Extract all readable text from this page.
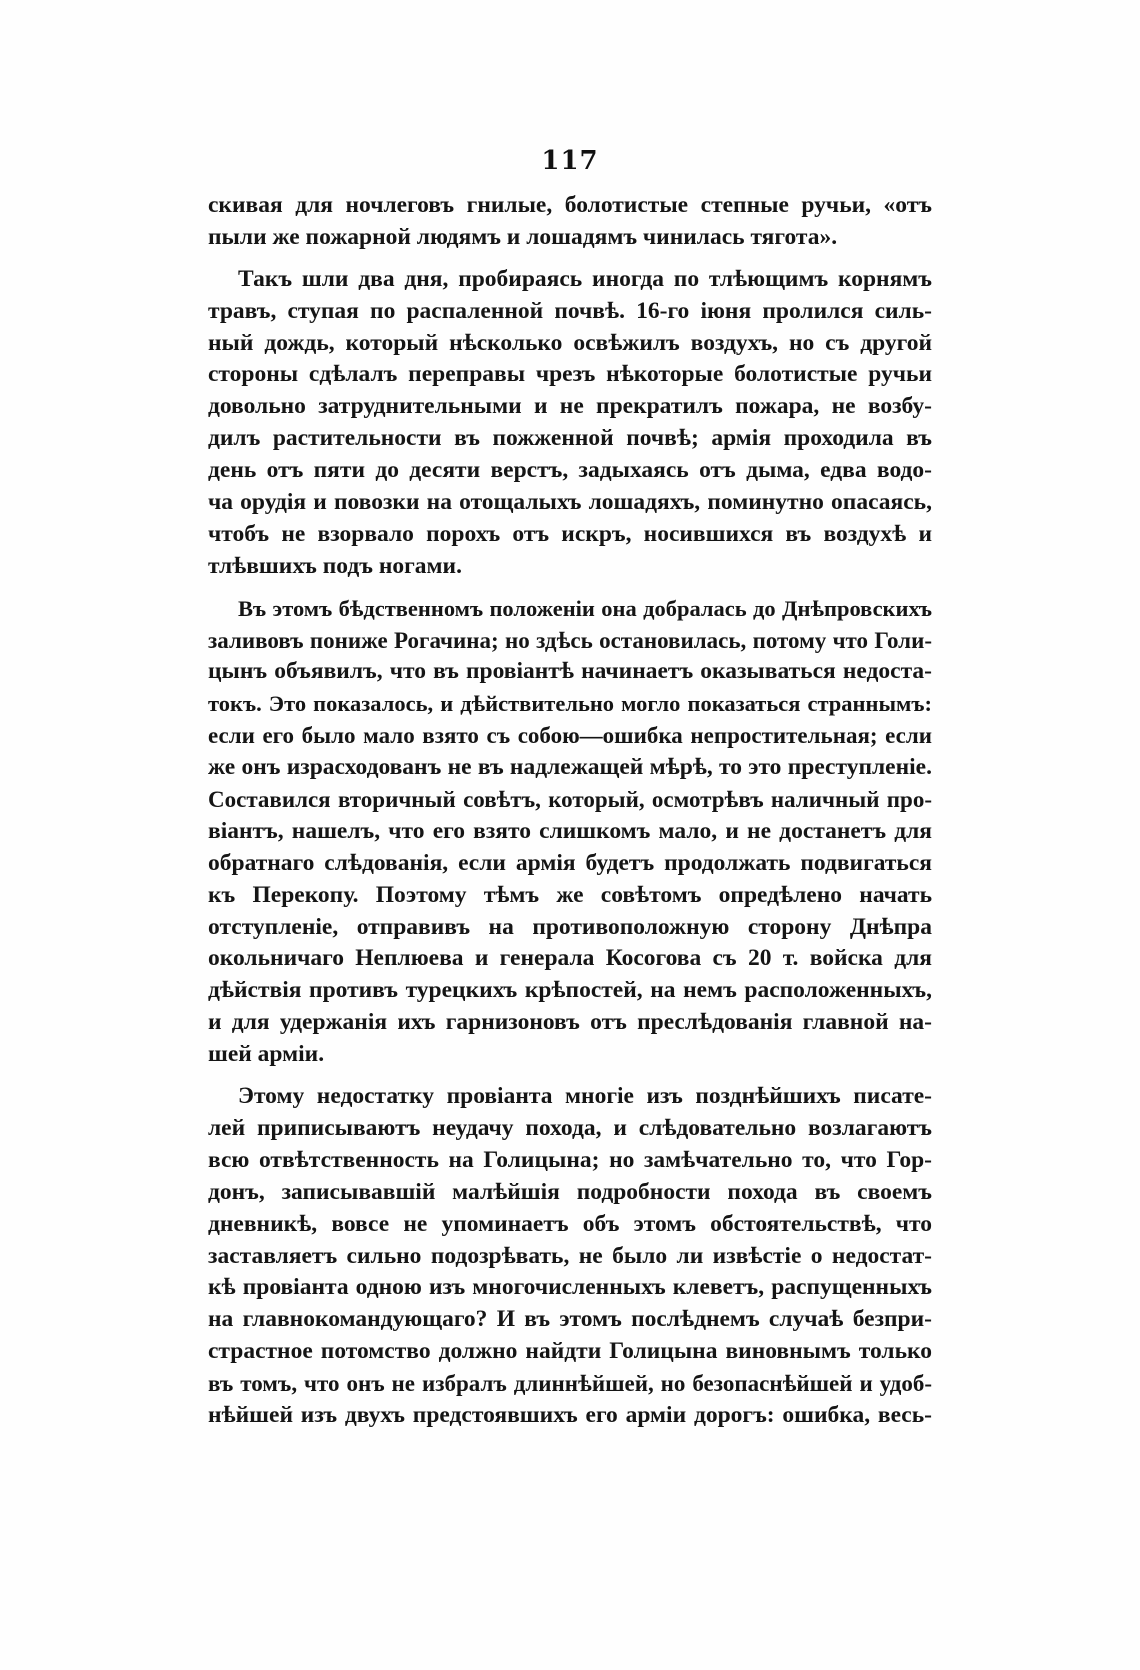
117
скивая для ночлеговъ гнилые, болотистые степные ручьи, «отъ
пыли же пожарной людямъ и лошадямъ чинилась тягота».
Такъ шли два дня, пробираясь иногда по тлѣющимъ корнямъ
травъ, ступая по распаленной почвѣ. 16-го іюня пролился силь-
ный дождь, который нѣсколько освѣжилъ воздухъ, но съ другой
стороны сдѣлалъ переправы чрезъ нѣкоторые болотистые ручьи
довольно затруднительными и не прекратилъ пожара, не возбу-
дилъ растительности въ пожженной почвѣ; армія проходила въ
день отъ пяти до десяти верстъ, задыхаясь отъ дыма, едва водо-
ча орудія и повозки на отощалыхъ лошадяхъ, поминутно опасаясь,
чтобъ не взорвало порохъ отъ искръ, носившихся въ воздухѣ и
тлѣвшихъ подъ ногами.
Въ этомъ бѣдственномъ положеніи она добралась до Днѣпровскихъ
заливовъ пониже Рогачина; но здѣсь остановилась, потому что Голи-
цынъ объявилъ, что въ провіантѣ начинаетъ оказываться недоста-
токъ. Это показалось, и дѣйствительно могло показаться страннымъ:
если его было мало взято съ собою—ошибка непростительная; если
же онъ израсходованъ не въ надлежащей мѣрѣ, то это преступленіе.
Составился вторичный совѣтъ, который, осмотрѣвъ наличный про-
віантъ, нашелъ, что его взято слишкомъ мало, и не достанетъ для
обратнаго слѣдованія, если армія будетъ продолжать подвигаться
къ Перекопу. Поэтому тѣмъ же совѣтомъ опредѣлено начать
отступленіе, отправивъ на противоположную сторону Днѣпра
окольничаго Неплюева и генерала Косогова съ 20 т. войска для
дѣйствія противъ турецкихъ крѣпостей, на немъ расположенныхъ,
и для удержанія ихъ гарнизоновъ отъ преслѣдованія главной на-
шей арміи.
Этому недостатку провіанта многіе изъ позднѣйшихъ писате-
лей приписываютъ неудачу похода, и слѣдовательно возлагаютъ
всю отвѣтственность на Голицына; но замѣчательно то, что Гор-
донъ, записывавшій малѣйшія подробности похода въ своемъ
дневникѣ, вовсе не упоминаетъ объ этомъ обстоятельствѣ, что
заставляетъ сильно подозрѣвать, не было ли извѣстіе о недостат-
кѣ провіанта одною изъ многочисленныхъ клеветъ, распущенныхъ
на главнокомандующаго? И въ этомъ послѣднемъ случаѣ безпри-
страстное потомство должно найдти Голицына виновнымъ только
въ томъ, что онъ не избралъ длиннѣйшей, но безопаснѣйшей и удоб-
нѣйшей изъ двухъ предстоявшихъ его арміи дорогъ: ошибка, весь-
